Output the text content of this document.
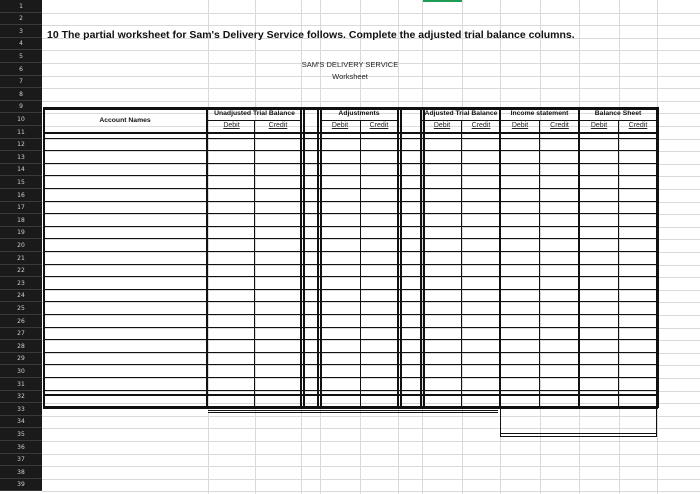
1
2
3
4
5
6
7
8
9
10
11
12
13
14
15
16
17
18
19
20
21
22
23
24
25
26
27
28
29
30
31
32
33
34
35
36
37
38
39
10 The partial worksheet for Sam's Delivery Service follows. Complete the adjusted trial balance columns.
SAM'S DELIVERY SERVICE
Worksheet
Account Names
Unadjusted Trial Balance	Adjustments	Adjusted Trial Balance	Income statement	Balance Sheet
Debit	Credit	Debit	Credit	Debit	Credit	Debit	Credit	Debit	Credit
